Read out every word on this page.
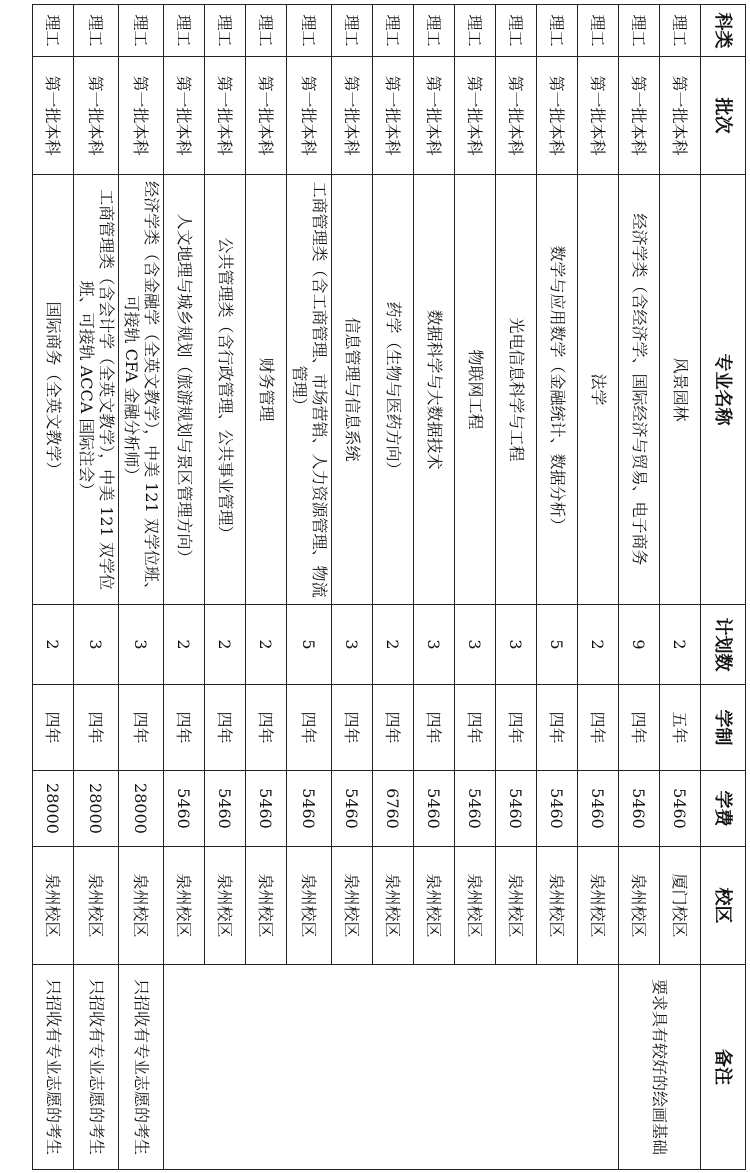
科类	批次	专业名称	计划数	学制	学费	校区	备注
理工	第一批本科	风景园林	2	五年	5460	厦门校区	要求具有较好的绘画基础
理工	第一批本科	经济学类（含经济学、国际经济与贸易、电子商务	9	四年	5460	泉州校区	
理工	第一批本科	法学	2	四年	5460	泉州校区	
理工	第一批本科	数学与应用数学（金融统计、数据分析）	5	四年	5460	泉州校区	
理工	第一批本科	光电信息科学与工程	3	四年	5460	泉州校区	
理工	第一批本科	物联网工程	3	四年	5460	泉州校区	
理工	第一批本科	数据科学与大数据技术	3	四年	5460	泉州校区	
理工	第一批本科	药学（生物与医药方向）	2	四年	6760	泉州校区	
理工	第一批本科	信息管理与信息系统	3	四年	5460	泉州校区	
理工	第一批本科	工商管理类（含工商管理、市场营销、人力资源管理、物流管理）	5	四年	5460	泉州校区	
理工	第一批本科	财务管理	2	四年	5460	泉州校区	
理工	第一批本科	公共管理类（含行政管理、公共事业管理）	2	四年	5460	泉州校区	
理工	第一批本科	人文地理与城乡规划（旅游规划与景区管理方向）	2	四年	5460	泉州校区	
理工	第一批本科	经济学类（含金融学（全英文教学），中美 121 双学位班、可接轨 CFA 金融分析师）	3	四年	28000	泉州校区	只招收有专业志愿的考生
理工	第一批本科	工商管理类（含会计学（全英文教学），中美 121 双学位班、可接轨 ACCA 国际注会）	3	四年	28000	泉州校区	只招收有专业志愿的考生
理工	第一批本科	国际商务（全英文教学）	2	四年	28000	泉州校区	只招收有专业志愿的考生
